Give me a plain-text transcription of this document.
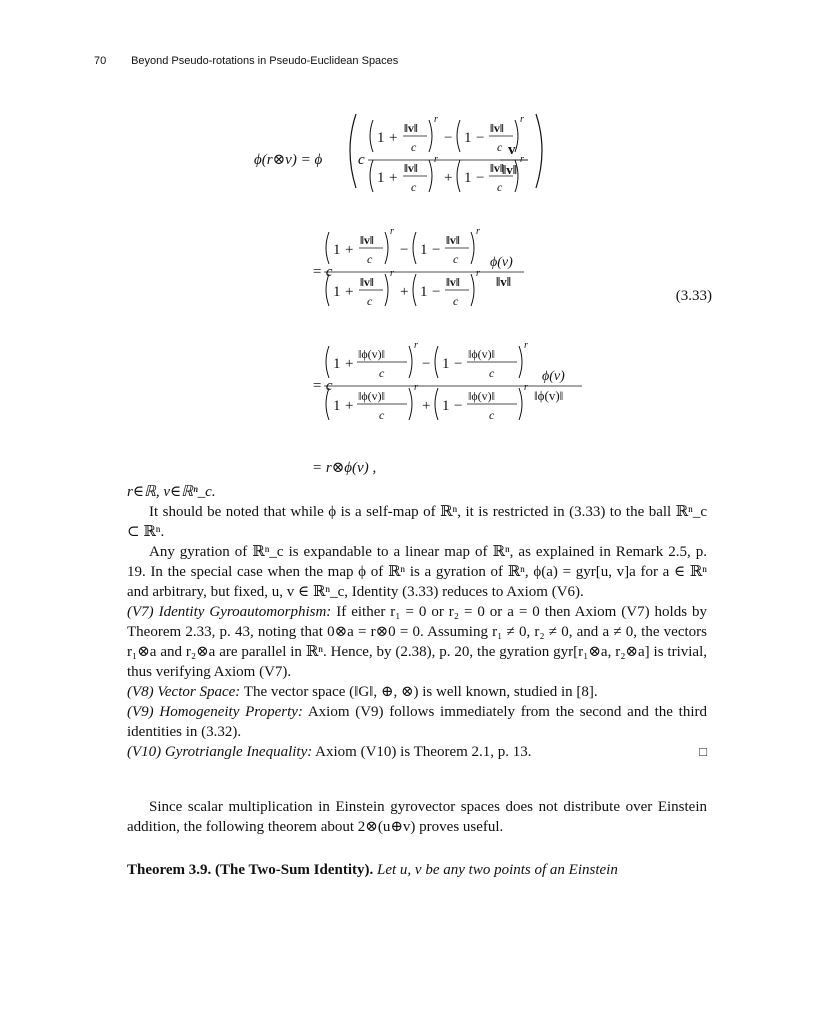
70 Beyond Pseudo-rotations in Pseudo-Euclidean Spaces
ϕ(r⊗v) = ϕ c
1 +
‖v‖
c
r
− 1 −
‖v‖
c
r
1 +
‖v‖
c
r
+ 1 −
‖v‖
c
r
v
‖v‖
= c
1 +
‖v‖
c
r
− 1 −
‖v‖
c
r
1 +
‖v‖
c
r
+ 1 −
‖v‖
c
r
ϕ(v)
‖v‖
= c
1 +
‖ϕ(v)‖
c
r
− 1 −
‖ϕ(v)‖
c
r
1 +
‖ϕ(v)‖
c
r
+ 1 −
‖ϕ(v)‖
c
r
ϕ(v)
‖ϕ(v)‖
= r⊗ϕ(v) ,
(3.33)

r∈ℝ, v∈ℝⁿ_c.

It should be noted that while ϕ is a self-map of ℝⁿ, it is restricted in (3.33) to the ball ℝⁿ_c ⊂ ℝⁿ.

Any gyration of ℝⁿ_c is expandable to a linear map of ℝⁿ, as explained in Remark 2.5, p. 19. In the special case when the map ϕ of ℝⁿ is a gyration of ℝⁿ, ϕ(a) = gyr[u, v]a for a ∈ ℝⁿ and arbitrary, but fixed, u, v ∈ ℝⁿ_c, Identity (3.33) reduces to Axiom (V6).

(V7) Identity Gyroautomorphism: If either r₁ = 0 or r₂ = 0 or a = 0 then Axiom (V7) holds by Theorem 2.33, p. 43, noting that 0⊗a = r⊗0 = 0. Assuming r₁ ≠ 0, r₂ ≠ 0, and a ≠ 0, the vectors r₁⊗a and r₂⊗a are parallel in ℝⁿ. Hence, by (2.38), p. 20, the gyration gyr[r₁⊗a, r₂⊗a] is trivial, thus verifying Axiom (V7).

(V8) Vector Space: The vector space (‖G‖, ⊕, ⊗) is well known, studied in [8].

(V9) Homogeneity Property: Axiom (V9) follows immediately from the second and the third identities in (3.32).

(V10) Gyrotriangle Inequality: Axiom (V10) is Theorem 2.1, p. 13.	□

Since scalar multiplication in Einstein gyrovector spaces does not distribute over Einstein addition, the following theorem about 2⊗(u⊕v) proves useful.

Theorem 3.9. (The Two-Sum Identity). Let u, v be any two points of an Einstein
